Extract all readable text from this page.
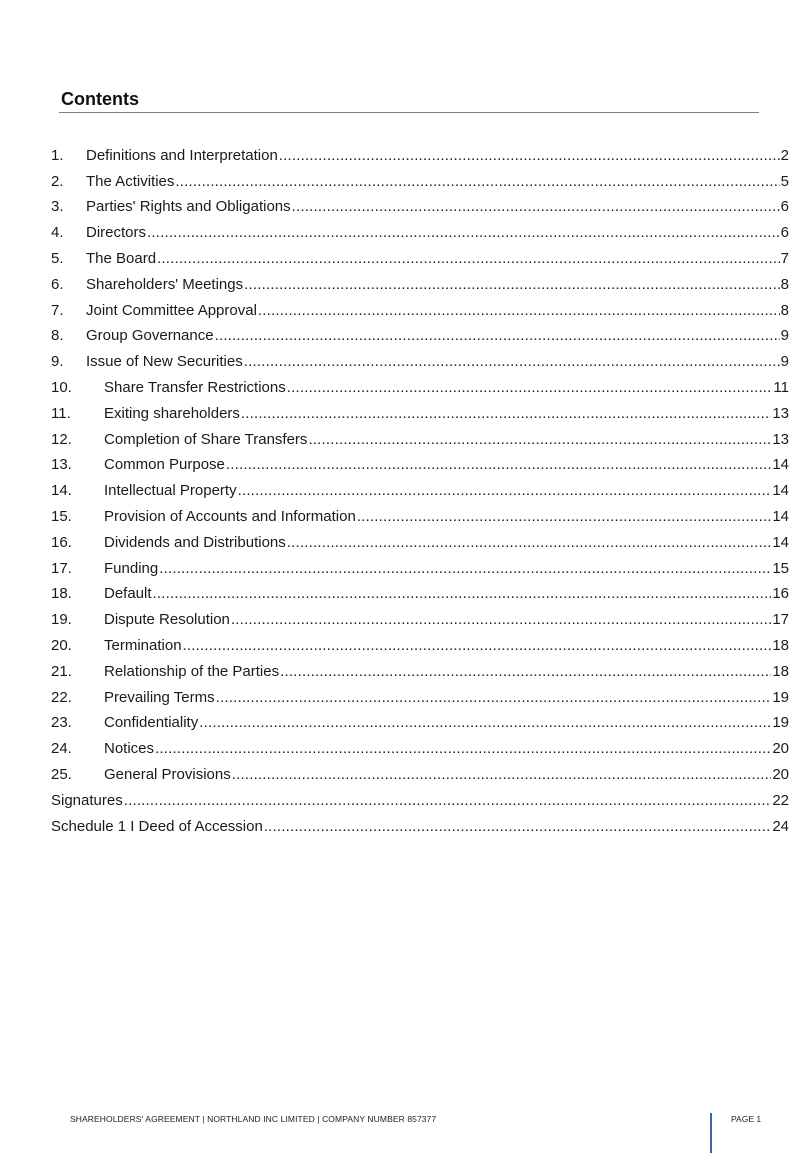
Contents
1.	Definitions and Interpretation .....	2
2.	The Activities .....	5
3.	Parties' Rights and Obligations .....	6
4.	Directors .....	6
5.	The Board .....	7
6.	Shareholders' Meetings .....	8
7.	Joint Committee Approval .....	8
8.	Group Governance .....	9
9.	Issue of New Securities .....	9
10.	Share Transfer Restrictions .....	11
11.	Exiting shareholders .....	13
12.	Completion of Share Transfers .....	13
13.	Common Purpose .....	14
14.	Intellectual Property .....	14
15.	Provision of Accounts and Information .....	14
16.	Dividends and Distributions .....	14
17.	Funding .....	15
18.	Default .....	16
19.	Dispute Resolution .....	17
20.	Termination .....	18
21.	Relationship of the Parties .....	18
22.	Prevailing Terms .....	19
23.	Confidentiality .....	19
24.	Notices .....	20
25.	General Provisions .....	20
Signatures .....	22
Schedule 1 I Deed of Accession .....	24
SHAREHOLDERS' AGREEMENT | NORTHLAND INC LIMITED | COMPANY NUMBER 857377	PAGE 1
